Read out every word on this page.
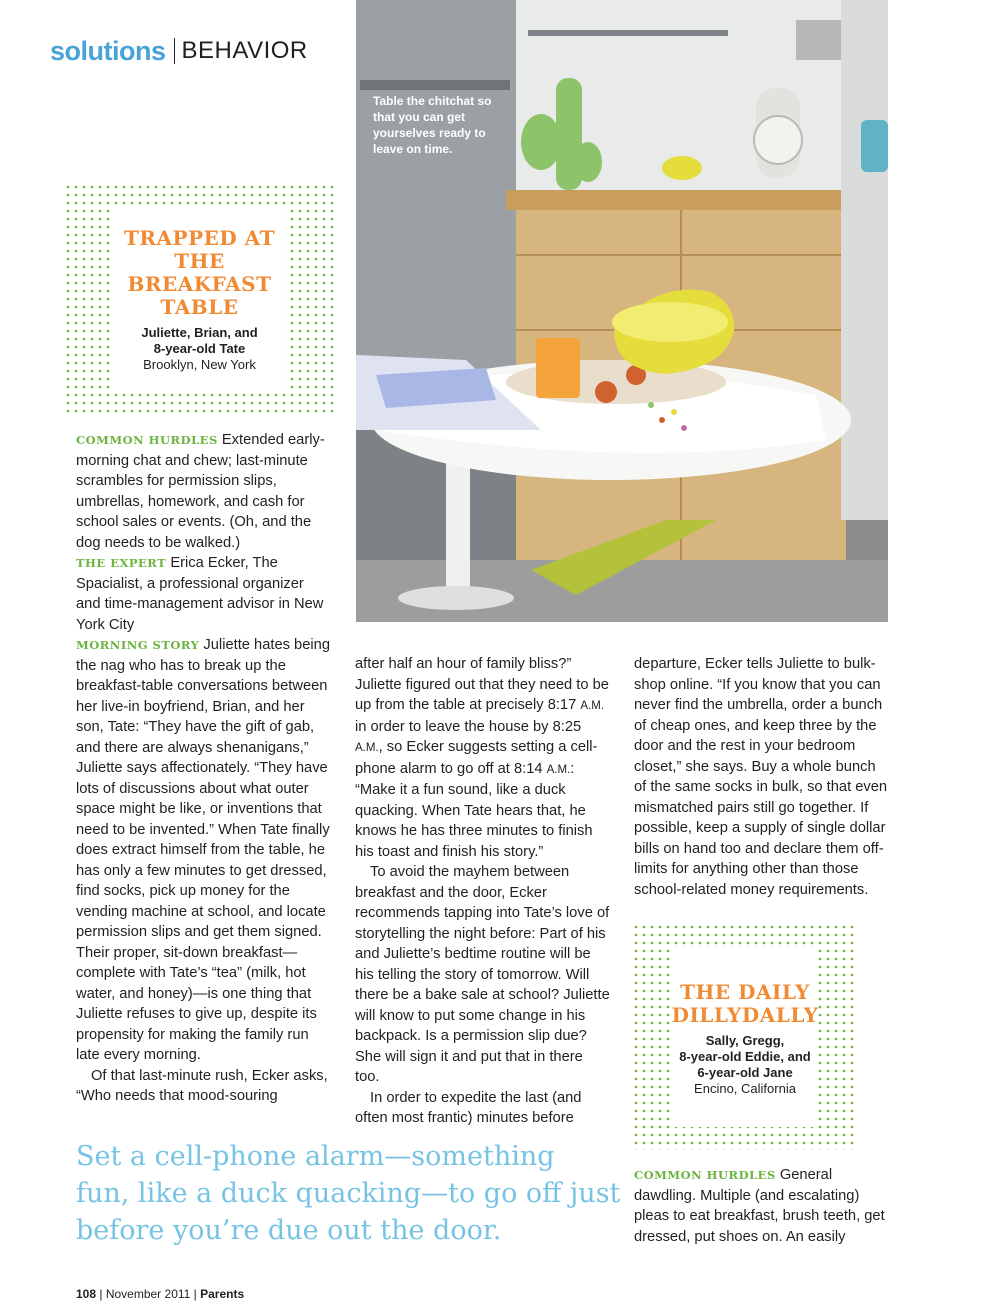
solutions BEHAVIOR
Table the chitchat so that you can get yourselves ready to leave on time.
TRAPPED AT
THE
BREAKFAST
TABLE
Juliette, Brian, and
8-year-old Tate
Brooklyn, New York

COMMON HURDLES Extended early-morning chat and chew; last-minute scrambles for permission slips, umbrellas, homework, and cash for school sales or events. (Oh, and the dog needs to be walked.)

THE EXPERT Erica Ecker, The Spacialist, a professional organizer and time-management advisor in New York City

MORNING STORY Juliette hates being the nag who has to break up the breakfast-table conversations between her live-in boyfriend, Brian, and her son, Tate: “They have the gift of gab, and there are always shenanigans,” Juliette says affectionately. “They have lots of discussions about what outer space might be like, or inventions that need to be invented.” When Tate finally does extract himself from the table, he has only a few minutes to get dressed, find socks, pick up money for the vending machine at school, and locate permission slips and get them signed. Their proper, sit-down breakfast—complete with Tate’s “tea” (milk, hot water, and honey)—is one thing that Juliette refuses to give up, despite its propensity for making the family run late every morning.

Of that last-minute rush, Ecker asks, “Who needs that mood-souring

after half an hour of family bliss?” Juliette figured out that they need to be up from the table at precisely 8:17 A.M. in order to leave the house by 8:25 A.M., so Ecker suggests setting a cell-phone alarm to go off at 8:14 A.M.: “Make it a fun sound, like a duck quacking. When Tate hears that, he knows he has three minutes to finish his toast and finish his story.”

To avoid the mayhem between breakfast and the door, Ecker recommends tapping into Tate’s love of storytelling the night before: Part of his and Juliette’s bedtime routine will be his telling the story of tomorrow. Will there be a bake sale at school? Juliette will know to put some change in his backpack. Is a permission slip due? She will sign it and put that in there too.

In order to expedite the last (and often most frantic) minutes before

departure, Ecker tells Juliette to bulk-shop online. “If you know that you can never find the umbrella, order a bunch of cheap ones, and keep three by the door and the rest in your bedroom closet,” she says. Buy a whole bunch of the same socks in bulk, so that even mismatched pairs still go together. If possible, keep a supply of single dollar bills on hand too and declare them off-limits for anything other than those school-related money requirements.

THE DAILY
DILLYDALLY
Sally, Gregg,
8-year-old Eddie, and
6-year-old Jane
Encino, California

COMMON HURDLES General dawdling. Multiple (and escalating) pleas to eat breakfast, brush teeth, get dressed, put shoes on. An easily

Set a cell-phone alarm—something
fun, like a duck quacking—to go off just
before you’re due out the door.
108 | November 2011 | Parents
